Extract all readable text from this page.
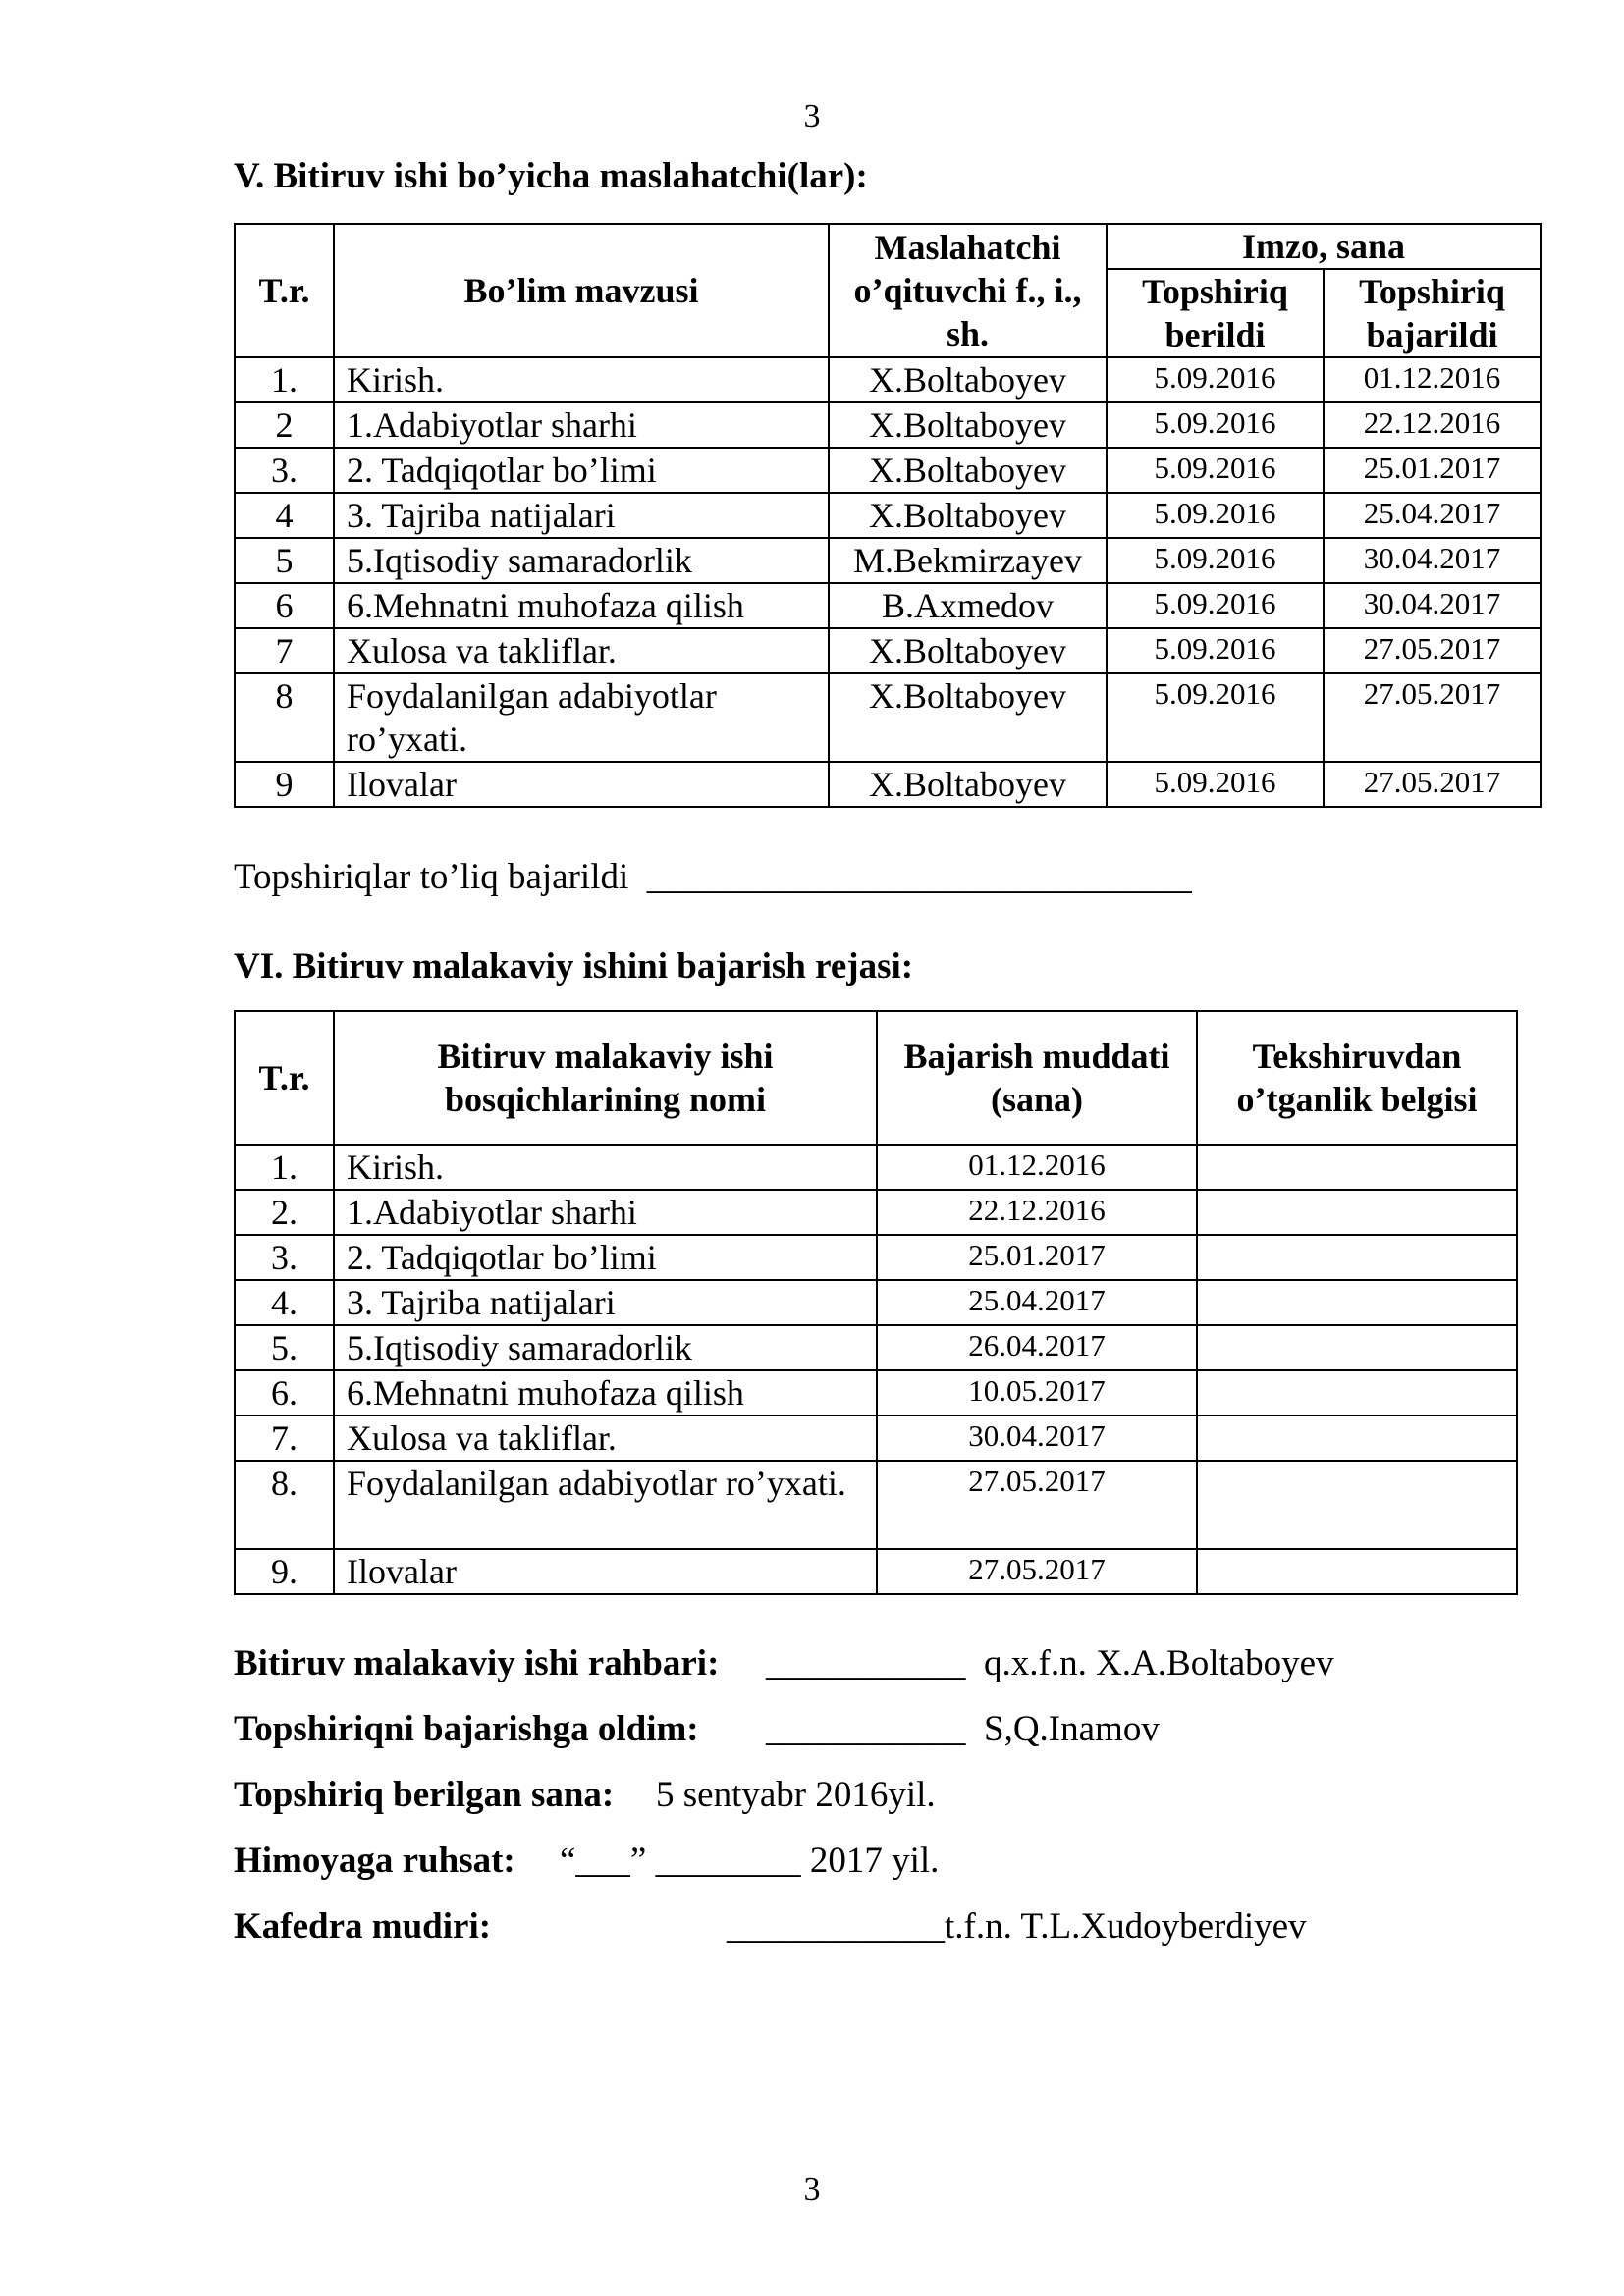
3
V. Bitiruv ishi bo’yicha maslahatchi(lar):
T.r.	Bo’lim mavzusi	Maslahatchi o’qituvchi f., i., sh.	Imzo, sana	
			Topshiriq berildi	Topshiriq bajarildi
1.	Kirish.	X.Boltaboyev	5.09.2016	01.12.2016
2	1.Adabiyotlar sharhi	X.Boltaboyev	5.09.2016	22.12.2016
3.	2. Tadqiqotlar bo’limi	X.Boltaboyev	5.09.2016	25.01.2017
4	3. Tajriba natijalari	X.Boltaboyev	5.09.2016	25.04.2017
5	5.Iqtisodiy samaradorlik	M.Bekmirzayev	5.09.2016	30.04.2017
6	6.Mehnatni muhofaza qilish	B.Axmedov	5.09.2016	30.04.2017
7	Xulosa va takliflar.	X.Boltaboyev	5.09.2016	27.05.2017
8	Foydalanilgan adabiyotlar ro’yxati.	X.Boltaboyev	5.09.2016	27.05.2017
9	Ilovalar	X.Boltaboyev	5.09.2016	27.05.2017
Topshiriqlar to’liq bajarildi  ______________________________
VI. Bitiruv malakaviy ishini bajarish rejasi:
T.r.	Bitiruv malakaviy ishi bosqichlarining nomi	Bajarish muddati (sana)	Tekshiruvdan o’tganlik belgisi
1.	Kirish.	01.12.2016	
2.	1.Adabiyotlar sharhi	22.12.2016	
3.	2. Tadqiqotlar bo’limi	25.01.2017	
4.	3. Tajriba natijalari	25.04.2017	
5.	5.Iqtisodiy samaradorlik	26.04.2017	
6.	6.Mehnatni muhofaza qilish	10.05.2017	
7.	Xulosa va takliflar.	30.04.2017	
8.	Foydalanilgan adabiyotlar ro’yxati.	27.05.2017	
9.	Ilovalar	27.05.2017	
Bitiruv malakaviy ishi rahbari: ___________  q.x.f.n. X.A.Boltaboyev
Topshiriqni bajarishga oldim: ___________  S,Q.Inamov
Topshiriq berilgan sana: 5 sentyabr 2016yil.
Himoyaga ruhsat: “___” ________ 2017 yil.
Kafedra mudiri:	____________t.f.n. T.L.Xudoyberdiyev
3
